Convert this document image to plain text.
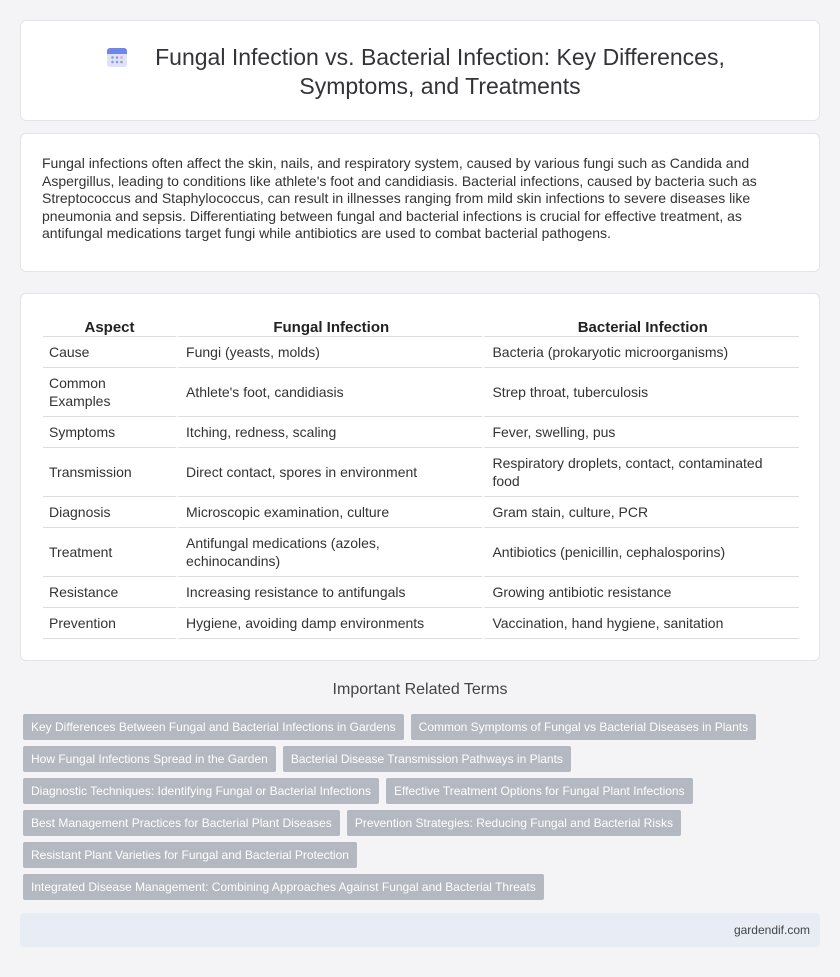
Fungal Infection vs. Bacterial Infection: Key Differences, Symptoms, and Treatments

Fungal infections often affect the skin, nails, and respiratory system, caused by various fungi such as Candida and Aspergillus, leading to conditions like athlete's foot and candidiasis. Bacterial infections, caused by bacteria such as Streptococcus and Staphylococcus, can result in illnesses ranging from mild skin infections to severe diseases like pneumonia and sepsis. Differentiating between fungal and bacterial infections is crucial for effective treatment, as antifungal medications target fungi while antibiotics are used to combat bacterial pathogens.

Aspect	Fungal Infection	Bacterial Infection
Cause	Fungi (yeasts, molds)	Bacteria (prokaryotic microorganisms)
Common Examples	Athlete's foot, candidiasis	Strep throat, tuberculosis
Symptoms	Itching, redness, scaling	Fever, swelling, pus
Transmission	Direct contact, spores in environment	Respiratory droplets, contact, contaminated food
Diagnosis	Microscopic examination, culture	Gram stain, culture, PCR
Treatment	Antifungal medications (azoles, echinocandins)	Antibiotics (penicillin, cephalosporins)
Resistance	Increasing resistance to antifungals	Growing antibiotic resistance
Prevention	Hygiene, avoiding damp environments	Vaccination, hand hygiene, sanitation
Important Related Terms
Key Differences Between Fungal and Bacterial Infections in Gardens	Common Symptoms of Fungal vs Bacterial Diseases in Plants
How Fungal Infections Spread in the Garden	Bacterial Disease Transmission Pathways in Plants
Diagnostic Techniques: Identifying Fungal or Bacterial Infections	Effective Treatment Options for Fungal Plant Infections
Best Management Practices for Bacterial Plant Diseases	Prevention Strategies: Reducing Fungal and Bacterial Risks
Resistant Plant Varieties for Fungal and Bacterial Protection
Integrated Disease Management: Combining Approaches Against Fungal and Bacterial Threats
gardendif.com
